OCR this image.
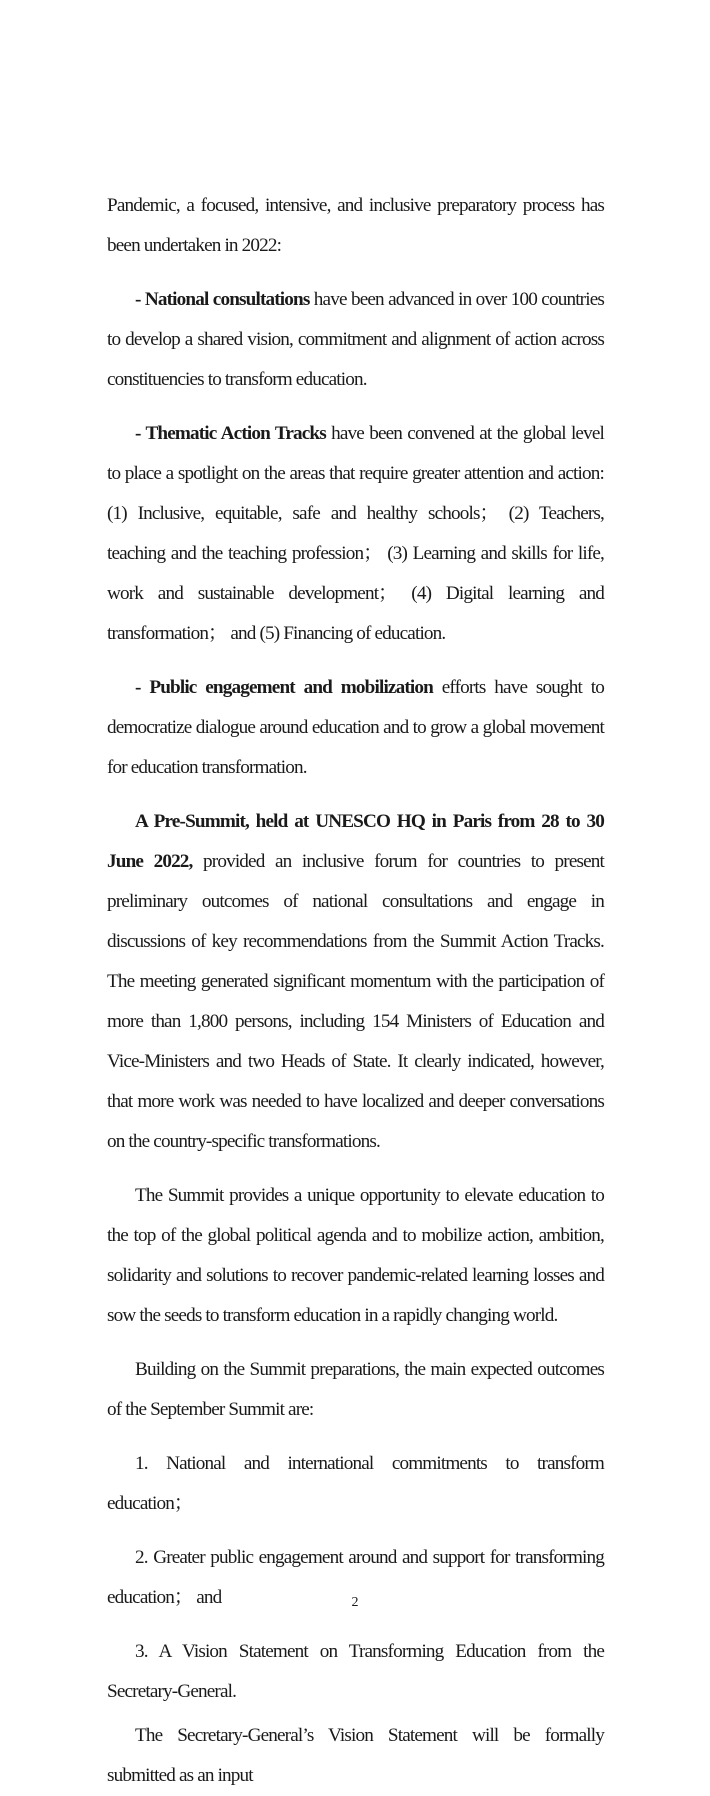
Pandemic, a focused, intensive, and inclusive preparatory process has been undertaken in 2022:

- National consultations have been advanced in over 100 countries to develop a shared vision, commitment and alignment of action across constituencies to transform education.

- Thematic Action Tracks have been convened at the global level to place a spotlight on the areas that require greater attention and action: (1) Inclusive, equitable, safe and healthy schools； (2) Teachers, teaching and the teaching profession； (3) Learning and skills for life, work and sustainable development； (4) Digital learning and transformation； and (5) Financing of education.

- Public engagement and mobilization efforts have sought to democratize dialogue around education and to grow a global movement for education transformation.

A Pre-Summit, held at UNESCO HQ in Paris from 28 to 30 June 2022, provided an inclusive forum for countries to present preliminary outcomes of national consultations and engage in discussions of key recommendations from the Summit Action Tracks. The meeting generated significant momentum with the participation of more than 1,800 persons, including 154 Ministers of Education and Vice-Ministers and two Heads of State. It clearly indicated, however, that more work was needed to have localized and deeper conversations on the country-specific transformations.

The Summit provides a unique opportunity to elevate education to the top of the global political agenda and to mobilize action, ambition, solidarity and solutions to recover pandemic-related learning losses and sow the seeds to transform education in a rapidly changing world.

Building on the Summit preparations, the main expected outcomes of the September Summit are:

1. National and international commitments to transform education；

2. Greater public engagement around and support for transforming education； and

3. A Vision Statement on Transforming Education from the Secretary-General.

The Secretary-General’s Vision Statement will be formally submitted as an input

2
